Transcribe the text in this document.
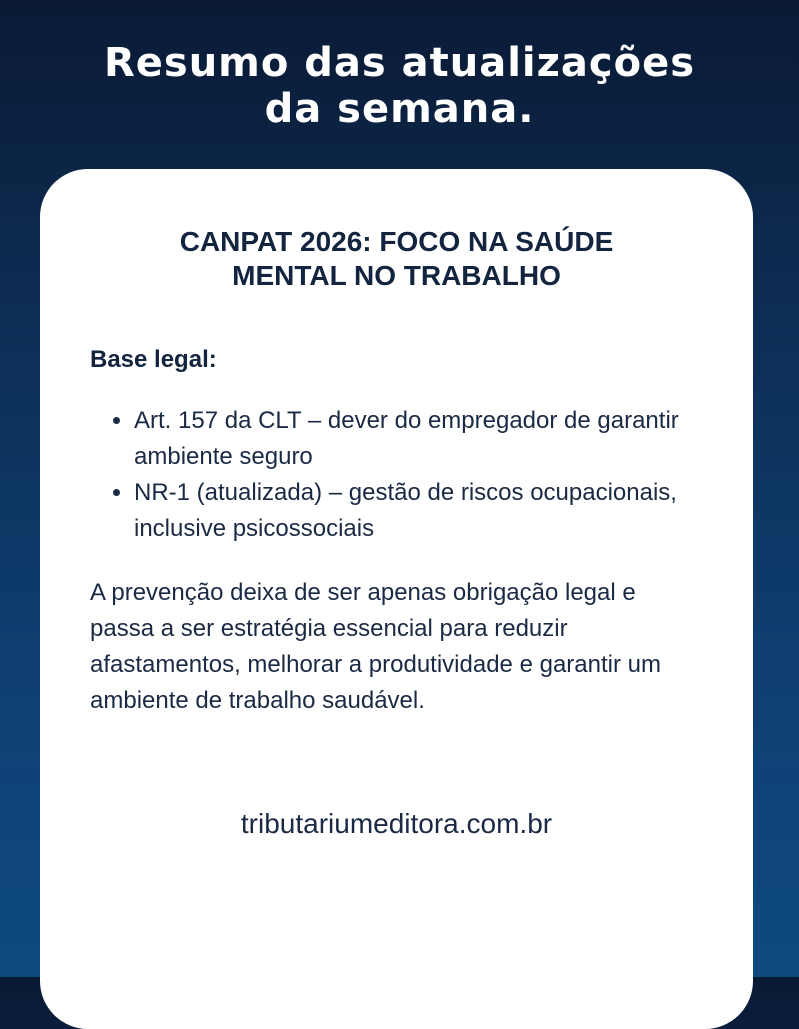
Resumo das atualizações
da semana.
CANPAT 2026: FOCO NA SAÚDE
MENTAL NO TRABALHO
Base legal:
• Art. 157 da CLT – dever do empregador de garantir ambiente seguro
• NR-1 (atualizada) – gestão de riscos ocupacionais, inclusive psicossociais
A prevenção deixa de ser apenas obrigação legal e passa a ser estratégia essencial para reduzir afastamentos, melhorar a produtividade e garantir um ambiente de trabalho saudável.
tributariumeditora.com.br
